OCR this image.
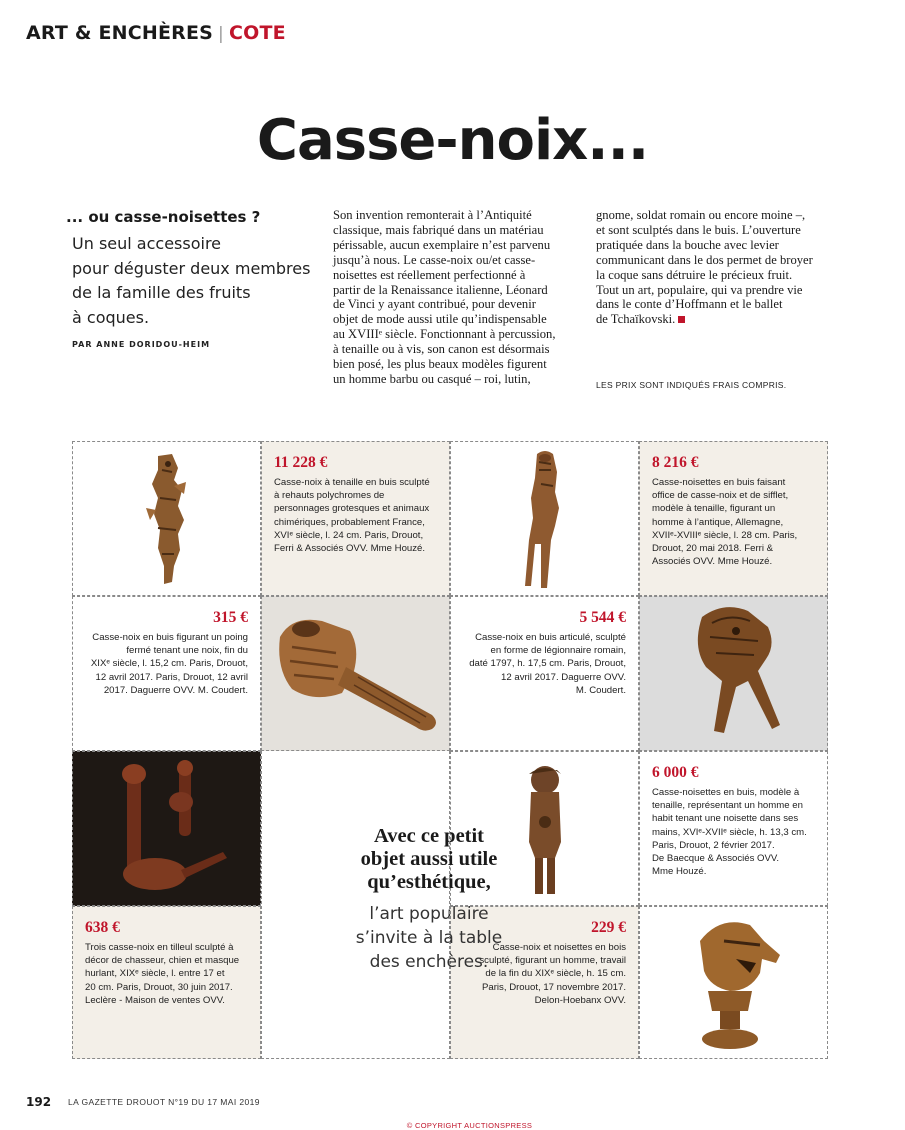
ART & ENCHÈRES | COTE
Casse-noix...
... ou casse-noisettes ?
Un seul accessoire
pour déguster deux membres
de la famille des fruits
à coques.
PAR ANNE DORIDOU-HEIM
Son invention remonterait à l’Antiquité
classique, mais fabriqué dans un matériau
périssable, aucun exemplaire n’est parvenu
jusqu’à nous. Le casse-noix ou/et casse-
noisettes est réellement perfectionné à
partir de la Renaissance italienne, Léonard
de Vinci y ayant contribué, pour devenir
objet de mode aussi utile qu’indispensable
au XVIIIᵉ siècle. Fonctionnant à percussion,
à tenaille ou à vis, son canon est désormais
bien posé, les plus beaux modèles figurent
un homme barbu ou casqué – roi, lutin,
gnome, soldat romain ou encore moine –,
et sont sculptés dans le buis. L’ouverture
pratiquée dans la bouche avec levier
communicant dans le dos permet de broyer
la coque sans détruire le précieux fruit.
Tout un art, populaire, qui va prendre vie
dans le conte d’Hoffmann et le ballet
de Tchaïkovski.
LES PRIX SONT INDIQUÉS FRAIS COMPRIS.
11 228 €
Casse-noix à tenaille en buis sculpté
à rehauts polychromes de
personnages grotesques et animaux
chimériques, probablement France,
XVIᵉ siècle, l. 24 cm. Paris, Drouot,
Ferri & Associés OVV. Mme Houzé.
8 216 €
Casse-noisettes en buis faisant
office de casse-noix et de sifflet,
modèle à tenaille, figurant un
homme à l’antique, Allemagne,
XVIIᵉ-XVIIIᵉ siècle, l. 28 cm. Paris,
Drouot, 20 mai 2018. Ferri &
Associés OVV. Mme Houzé.
315 €
Casse-noix en buis figurant un poing
fermé tenant une noix, fin du
XIXᵉ siècle, l. 15,2 cm. Paris, Drouot,
12 avril 2017. Paris, Drouot, 12 avril
2017. Daguerre OVV. M. Coudert.
5 544 €
Casse-noix en buis articulé, sculpté
en forme de légionnaire romain,
daté 1797, h. 17,5 cm. Paris, Drouot,
12 avril 2017. Daguerre OVV.
M. Coudert.
6 000 €
Casse-noisettes en buis, modèle à
tenaille, représentant un homme en
habit tenant une noisette dans ses
mains, XVIᵉ-XVIIᵉ siècle, h. 13,3 cm.
Paris, Drouot, 2 février 2017.
De Baecque & Associés OVV.
Mme Houzé.
638 €
Trois casse-noix en tilleul sculpté à
décor de chasseur, chien et masque
hurlant, XIXᵉ siècle, l. entre 17 et
20 cm. Paris, Drouot, 30 juin 2017.
Leclère - Maison de ventes OVV.
229 €
Casse-noix et noisettes en bois
sculpté, figurant un homme, travail
de la fin du XIXᵉ siècle, h. 15 cm.
Paris, Drouot, 17 novembre 2017.
Delon-Hoebanx OVV.
Avec ce petit
objet aussi utile
qu’esthétique,
l’art populaire
s’invite à la table
des enchères.
192 LA GAZETTE DROUOT N°19 DU 17 MAI 2019
© COPYRIGHT AUCTIONSPRESS
